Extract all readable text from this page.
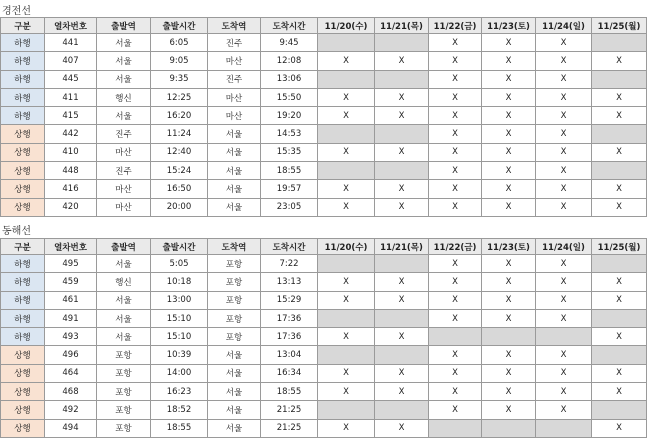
경전선
구분	열차번호	출발역	출발시간	도착역	도착시간	11/20(수)	11/21(목)	11/22(금)	11/23(토)	11/24(일)	11/25(월)
하행	441	서울	6:05	진주	9:45			X	X	X	
하행	407	서울	9:05	마산	12:08	X	X	X	X	X	X
하행	445	서울	9:35	진주	13:06			X	X	X	
하행	411	행신	12:25	마산	15:50	X	X	X	X	X	X
하행	415	서울	16:20	마산	19:20	X	X	X	X	X	X
상행	442	진주	11:24	서울	14:53			X	X	X	
상행	410	마산	12:40	서울	15:35	X	X	X	X	X	X
상행	448	진주	15:24	서울	18:55			X	X	X	
상행	416	마산	16:50	서울	19:57	X	X	X	X	X	X
상행	420	마산	20:00	서울	23:05	X	X	X	X	X	X
동해선
구분	열차번호	출발역	출발시간	도착역	도착시간	11/20(수)	11/21(목)	11/22(금)	11/23(토)	11/24(일)	11/25(월)
하행	495	서울	5:05	포항	7:22			X	X	X	
하행	459	행신	10:18	포항	13:13	X	X	X	X	X	X
하행	461	서울	13:00	포항	15:29	X	X	X	X	X	X
하행	491	서울	15:10	포항	17:36			X	X	X	
하행	493	서울	15:10	포항	17:36	X	X				X
상행	496	포항	10:39	서울	13:04			X	X	X	
상행	464	포항	14:00	서울	16:34	X	X	X	X	X	X
상행	468	포항	16:23	서울	18:55	X	X	X	X	X	X
상행	492	포항	18:52	서울	21:25			X	X	X	
상행	494	포항	18:55	서울	21:25	X	X				X
